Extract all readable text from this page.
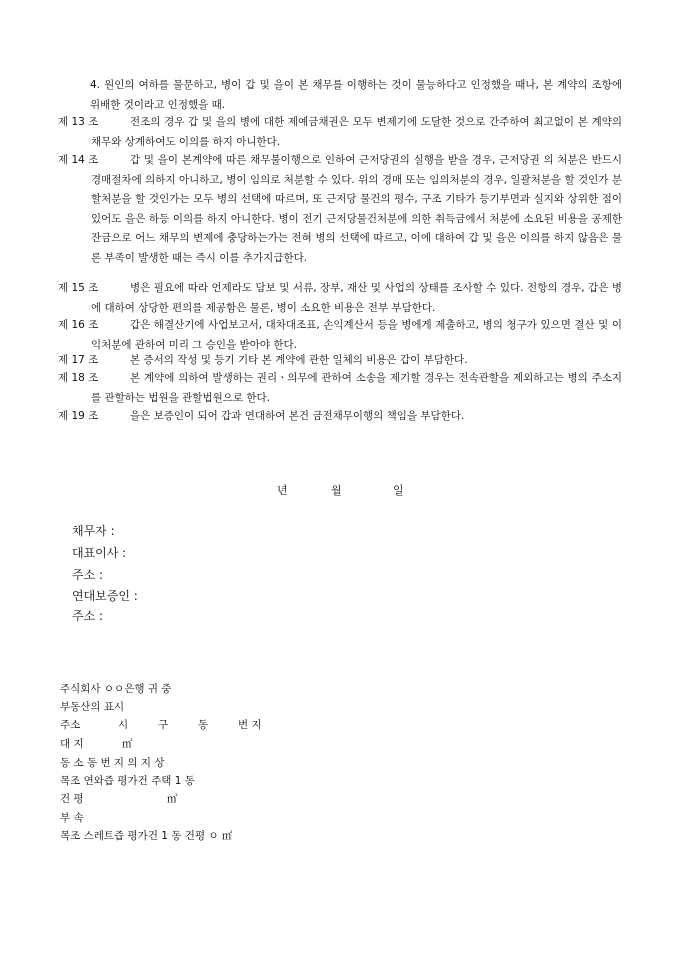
4. 원인의 여하를 물문하고, 병이 갑 및 을이 본 채무를 이행하는 것이 물능하다고 인정했을 때나, 본 계약의 조항에 위배한 것이라고 인정했을 때.
제 13 조	전조의 경우 갑 및 을의 병에 대한 제예금채권은 모두 변제기에 도달한 것으로 간주하여 최고없이 본 계약의 채무와 상계하여도 이의를 하지 아니한다.
제 14 조	갑 및 을이 본계약에 따른 채무불이행으로 인하여 근저당권의 실행을 받을 경우, 근저당권 의 처분은 반드시 경매절차에 의하지 아니하고, 병이 임의로 처분할 수 있다. 위의 경매 또는 임의처분의 경우, 일괄처분을 할 것인가 분할처분을 할 것인가는 모두 병의 선택에 따르며, 또 근저당 물건의 평수, 구조 기타가 등기부면과 실지와 상위한 점이 있어도 을은 하등 이의를 하지 아니한다. 병이 전기 근저당물건처분에 의한 취득금에서 처분에 소요된 비용을 공제한 잔금으로 어느 채무의 변제에 충당하는가는 전혀 병의 선택에 따르고, 이에 대하여 갑 및 을은 이의를 하지 않음은 물론 부족이 발생한 때는 즉시 이를 추가지급한다.
제 15 조	병은 필요에 따라 언제라도 담보 및 서류, 장부, 재산 및 사업의 상태를 조사할 수 있다. 전항의 경우, 갑은 병에 대하여 상당한 편의를 제공함은 물론, 병이 소요한 비용은 전부 부담한다.
제 16 조	갑은 해결산기에 사업보고서, 대차대조표, 손익계산서 등을 병에게 제출하고, 병의 청구가 있으면 결산 및 이익처분에 관하여 미리 그 승인을 받아야 한다.
제 17 조	본 증서의 작성 및 등기 기타 본 계약에 관한 일체의 비용은 갑이 부담한다.
제 18 조	본 계약에 의하여 발생하는 권리ㆍ의무에 관하여 소송을 제기할 경우는 전속관할을 제외하고는 병의 주소지를 관할하는 법원을 관할법원으로 한다.
제 19 조	을은 보증인이 되어 갑과 연대하여 본건 금전채무이행의 책임을 부담한다.
년	월	일
채무자 :
대표이사 :
주소 :
연대보증인 :
주소 :
주식회사 ㅇㅇ은행 귀 중
부동산의 표시
주소	시	구	동	번 지
대 지	㎡
동 소 동 번 지 의 지 상
목조 연와즙 평가건 주택 1 동
건 평	㎡
부 속
목조 스레트즙 평가건 1 동 건평 ㅇ ㎡
